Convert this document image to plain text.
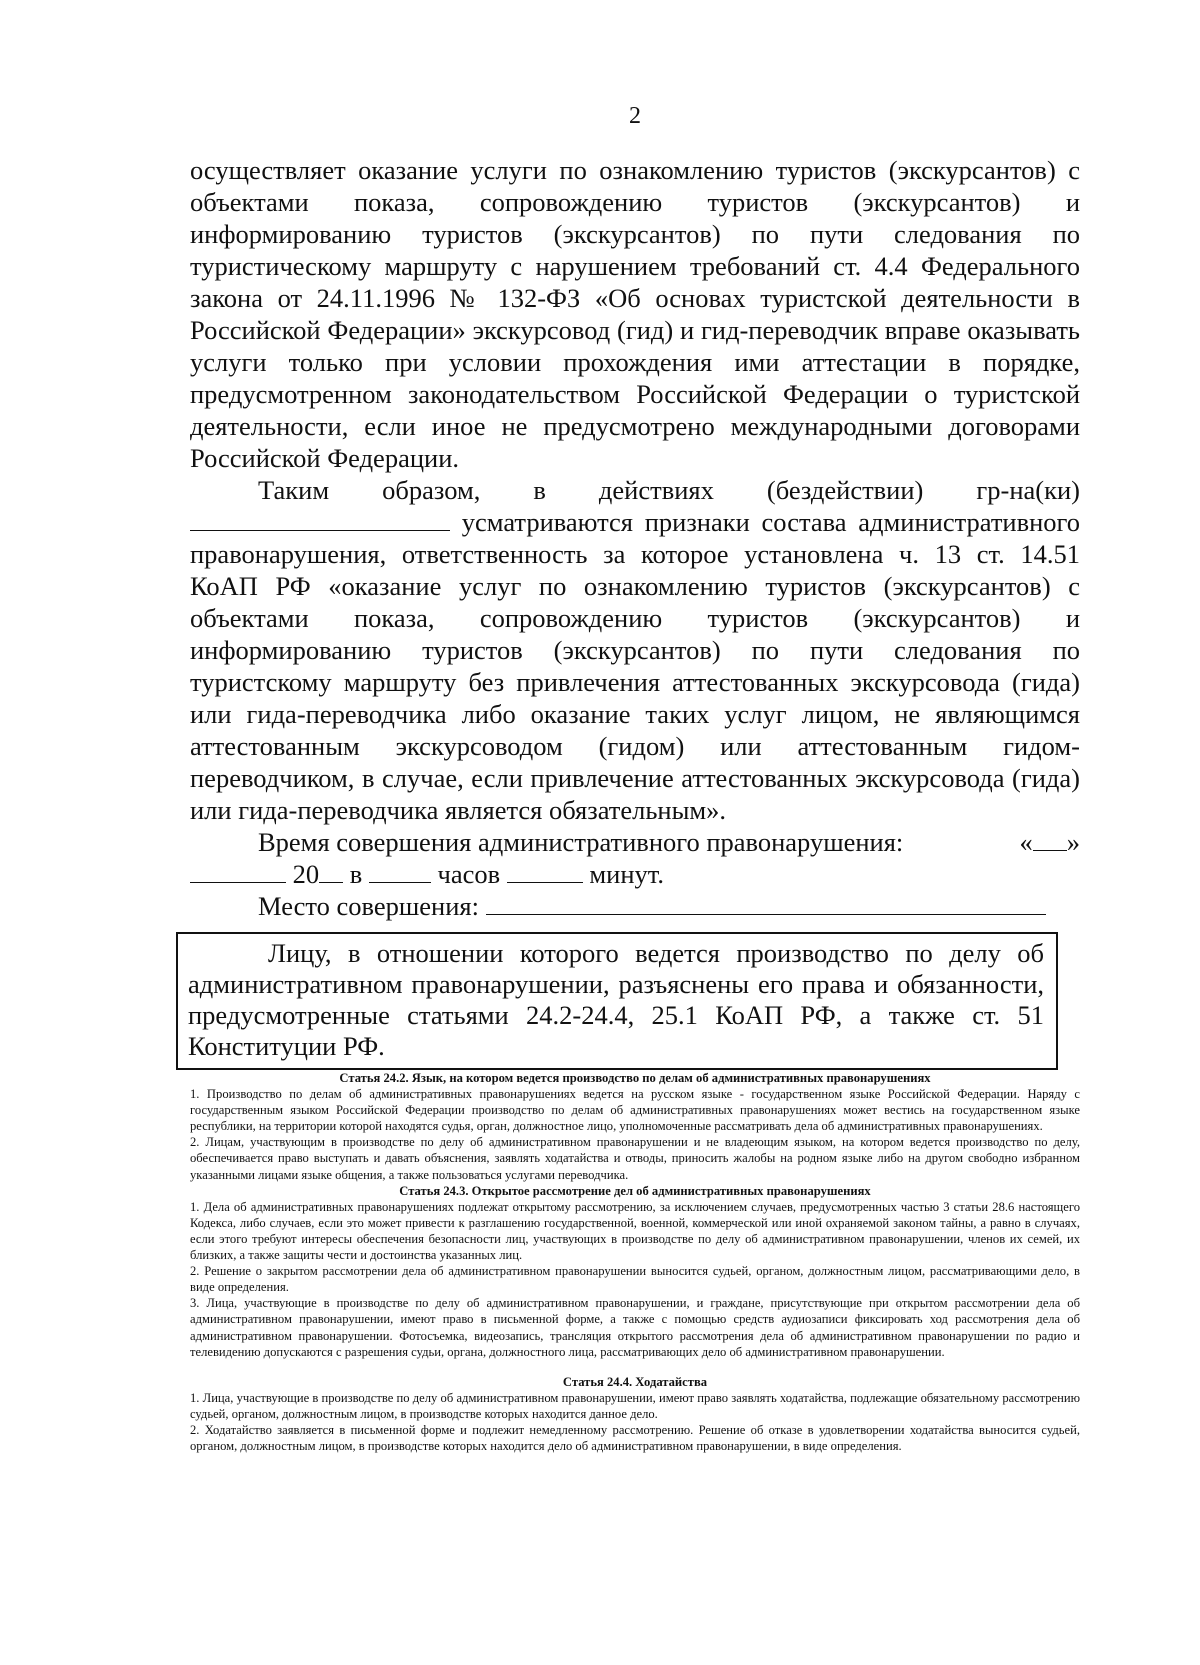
2

осуществляет оказание услуги по ознакомлению туристов (экскурсантов) с объектами показа, сопровождению туристов (экскурсантов) и информированию туристов (экскурсантов) по пути следования по туристическому маршруту с нарушением требований ст. 4.4 Федерального закона от 24.11.1996 № 132-ФЗ «Об основах туристской деятельности в Российской Федерации» экскурсовод (гид) и гид-переводчик вправе оказывать услуги только при условии прохождения ими аттестации в порядке, предусмотренном законодательством Российской Федерации о туристской деятельности, если иное не предусмотрено международными договорами Российской Федерации.

Таким образом, в действиях (бездействии) гр-на(ки)

усматриваются признаки состава административного правонарушения, ответственность за которое установлена ч. 13 ст. 14.51 КоАП РФ «оказание услуг по ознакомлению туристов (экскурсантов) с объектами показа, сопровождению туристов (экскурсантов) и информированию туристов (экскурсантов) по пути следования по туристскому маршруту без привлечения аттестованных экскурсовода (гида) или гида-переводчика либо оказание таких услуг лицом, не являющимся аттестованным экскурсоводом (гидом) или аттестованным гидом-переводчиком, в случае, если привлечение аттестованных экскурсовода (гида) или гида-переводчика является обязательным».

Время совершения административного правонарушения:	« »
20 в	часов	минут.
Место совершения:

Лицу, в отношении которого ведется производство по делу об административном правонарушении, разъяснены его права и обязанности, предусмотренные статьями 24.2-24.4, 25.1 КоАП РФ, а также ст. 51 Конституции РФ.

Статья 24.2. Язык, на котором ведется производство по делам об административных правонарушениях

1. Производство по делам об административных правонарушениях ведется на русском языке - государственном языке Российской Федерации. Наряду с государственным языком Российской Федерации производство по делам об административных правонарушениях может вестись на государственном языке республики, на территории которой находятся судья, орган, должностное лицо, уполномоченные рассматривать дела об административных правонарушениях.

2. Лицам, участвующим в производстве по делу об административном правонарушении и не владеющим языком, на котором ведется производство по делу, обеспечивается право выступать и давать объяснения, заявлять ходатайства и отводы, приносить жалобы на родном языке либо на другом свободно избранном указанными лицами языке общения, а также пользоваться услугами переводчика.

Статья 24.3. Открытое рассмотрение дел об административных правонарушениях

1. Дела об административных правонарушениях подлежат открытому рассмотрению, за исключением случаев, предусмотренных частью 3 статьи 28.6 настоящего Кодекса, либо случаев, если это может привести к разглашению государственной, военной, коммерческой или иной охраняемой законом тайны, а равно в случаях, если этого требуют интересы обеспечения безопасности лиц, участвующих в производстве по делу об административном правонарушении, членов их семей, их близких, а также защиты чести и достоинства указанных лиц.

2. Решение о закрытом рассмотрении дела об административном правонарушении выносится судьей, органом, должностным лицом, рассматривающими дело, в виде определения.

3. Лица, участвующие в производстве по делу об административном правонарушении, и граждане, присутствующие при открытом рассмотрении дела об административном правонарушении, имеют право в письменной форме, а также с помощью средств аудиозаписи фиксировать ход рассмотрения дела об административном правонарушении. Фотосъемка, видеозапись, трансляция открытого рассмотрения дела об административном правонарушении по радио и телевидению допускаются с разрешения судьи, органа, должностного лица, рассматривающих дело об административном правонарушении.

Статья 24.4. Ходатайства

1. Лица, участвующие в производстве по делу об административном правонарушении, имеют право заявлять ходатайства, подлежащие обязательному рассмотрению судьей, органом, должностным лицом, в производстве которых находится данное дело.

2. Ходатайство заявляется в письменной форме и подлежит немедленному рассмотрению. Решение об отказе в удовлетворении ходатайства выносится судьей, органом, должностным лицом, в производстве которых находится дело об административном правонарушении, в виде определения.
